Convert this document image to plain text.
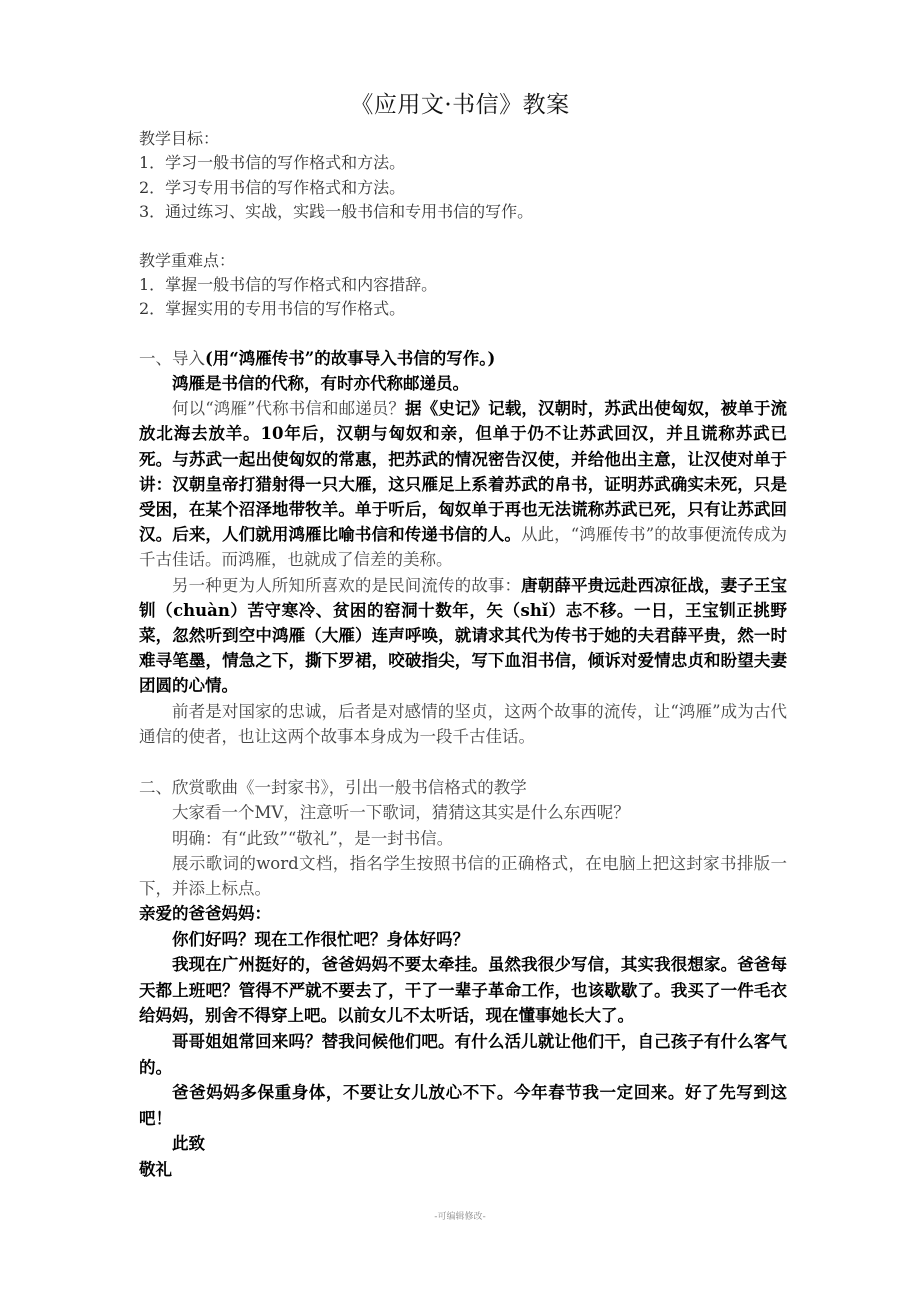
《应用文·书信》教案

教学目标：

1．学习一般书信的写作格式和方法。

2．学习专用书信的写作格式和方法。

3．通过练习、实战，实践一般书信和专用书信的写作。

教学重难点：

1．掌握一般书信的写作格式和内容措辞。

2．掌握实用的专用书信的写作格式。

一、导入(用“鸿雁传书”的故事导入书信的写作。)

鸿雁是书信的代称，有时亦代称邮递员。

何以“鸿雁”代称书信和邮递员？据《史记》记载，汉朝时，苏武出使匈奴，被单于流放北海去放羊。10年后，汉朝与匈奴和亲，但单于仍不让苏武回汉，并且谎称苏武已死。与苏武一起出使匈奴的常惠，把苏武的情况密告汉使，并给他出主意，让汉使对单于讲：汉朝皇帝打猎射得一只大雁，这只雁足上系着苏武的帛书，证明苏武确实未死，只是受困，在某个沼泽地带牧羊。单于听后，匈奴单于再也无法谎称苏武已死，只有让苏武回汉。后来，人们就用鸿雁比喻书信和传递书信的人。从此，“鸿雁传书”的故事便流传成为千古佳话。而鸿雁，也就成了信差的美称。

另一种更为人所知所喜欢的是民间流传的故事：唐朝薛平贵远赴西凉征战，妻子王宝钏（chuàn）苦守寒冷、贫困的窑洞十数年，矢（shǐ）志不移。一日，王宝钏正挑野菜，忽然听到空中鸿雁（大雁）连声呼唤，就请求其代为传书于她的夫君薛平贵，然一时难寻笔墨，情急之下，撕下罗裙，咬破指尖，写下血泪书信，倾诉对爱情忠贞和盼望夫妻团圆的心情。

前者是对国家的忠诚，后者是对感情的坚贞，这两个故事的流传，让“鸿雁”成为古代通信的使者，也让这两个故事本身成为一段千古佳话。

二、欣赏歌曲《一封家书》，引出一般书信格式的教学

大家看一个MV，注意听一下歌词，猜猜这其实是什么东西呢？

明确：有“此致”“敬礼”，是一封书信。

展示歌词的word文档，指名学生按照书信的正确格式，在电脑上把这封家书排版一下，并添上标点。

亲爱的爸爸妈妈：

你们好吗？现在工作很忙吧？身体好吗？

我现在广州挺好的，爸爸妈妈不要太牵挂。虽然我很少写信，其实我很想家。爸爸每天都上班吧？管得不严就不要去了，干了一辈子革命工作，也该歇歇了。我买了一件毛衣给妈妈，别舍不得穿上吧。以前女儿不太听话，现在懂事她长大了。

哥哥姐姐常回来吗？替我问候他们吧。有什么活儿就让他们干，自己孩子有什么客气的。

爸爸妈妈多保重身体，不要让女儿放心不下。今年春节我一定回来。好了先写到这吧！

此致

敬礼

-可编辑修改-
